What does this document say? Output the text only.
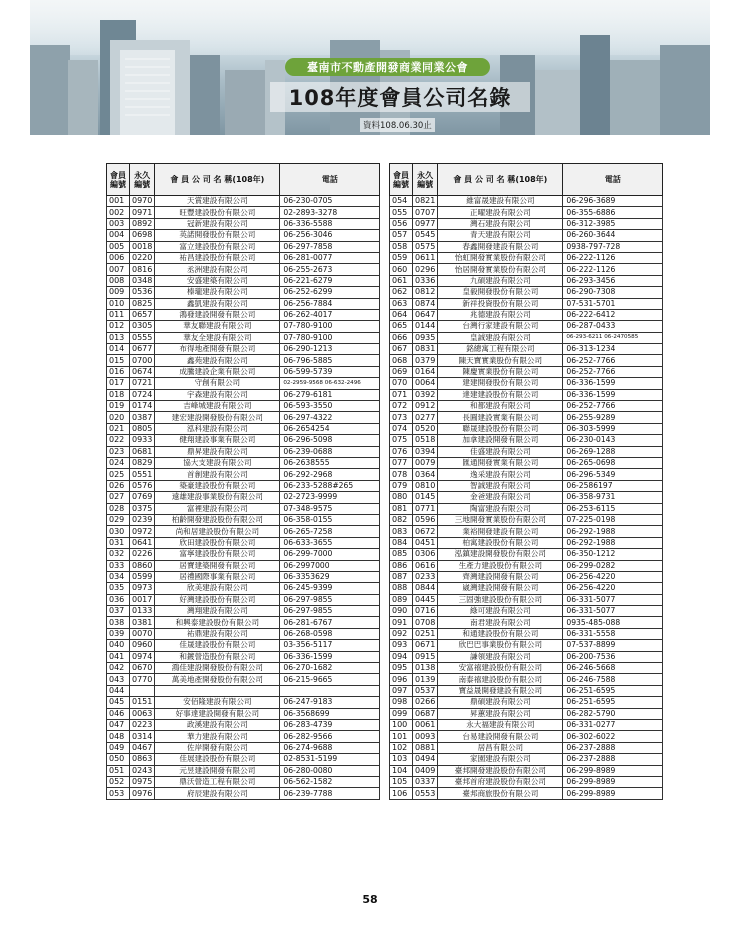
臺南市不動產開發商業同業公會
108年度會員公司名錄
資料108.06.30止
會員
編號	永久
編號	會 員 公 司 名 稱(108年)	電話
001	0970	天賞建設有限公司	06-230-0705
002	0971	旺豐建設股份有限公司	02-2893-3278
003	0892	冠新建設有限公司	06-336-5588
004	0698	英諾開發股份有限公司	06-256-3046
005	0018	富立建設股份有限公司	06-297-7858
006	0220	祐昌建設股份有限公司	06-281-0077
007	0816	丞洲建設有限公司	06-255-2673
008	0348	安盛建築有限公司	06-221-6279
009	0536	榛瓏建設有限公司	06-252-6299
010	0825	鑫凱建設有限公司	06-256-7884
011	0657	鴻發建設開發有限公司	06-262-4017
012	0305	華友聯建設有限公司	07-780-9100
013	0555	華友全建設有限公司	07-780-9100
014	0677	布得地產開發有限公司	06-290-1213
015	0700	鑫苑建設有限公司	06-796-5885
016	0674	成騰建設企業有限公司	06-599-5739
017	0721	守創有限公司	02-2959-9568 06-632-2496
018	0724	宇森建設有限公司	06-279-6181
019	0174	吉峰城建設有限公司	06-593-3550
020	0387	建宏建設開發股份有限公司	06-297-4322
021	0805	泓科建設有限公司	06-2654254
022	0933	健翔建設事業有限公司	06-296-5098
023	0681	鼎昇建設有限公司	06-239-0688
024	0829	協大支建設有限公司	06-2638555
025	0551	首創建設有限公司	06-292-2968
026	0576	築豪建設股份有限公司	06-233-5288#265
027	0769	遠雄建設事業股份有限公司	02-2723-9999
028	0375	富裡建設有限公司	07-348-9575
029	0239	柏齡開發建設股份有限公司	06-358-0155
030	0972	尚和居建設股份有限公司	06-265-7258
031	0641	欣田建設股份有限公司	06-633-3655
032	0226	富寧建設股份有限公司	06-299-7000
033	0860	居寶建築開發有限公司	06-2997000
034	0599	居禮國際事業有限公司	06-3353629
035	0973	欣美建設有限公司	06-245-9399
036	0017	好灣建設股份有限公司	06-297-9855
037	0133	灣翔建設有限公司	06-297-9855
038	0381	和興泰建設股份有限公司	06-281-6767
039	0070	祐鼎建設有限公司	06-268-0598
040	0960	佳晟建設股份有限公司	03-356-5117
041	0974	和鍍營造股份有限公司	06-336-1599
042	0670	鴻佳建設開發股份有限公司	06-270-1682
043	0770	萬美地產開發股份有限公司	06-215-9665
044			
045	0151	安佰隆建設有限公司	06-247-9183
046	0063	好事達建設開發有限公司	06-3568699
047	0223	政溪建設有限公司	06-283-4739
048	0314	華力建設有限公司	06-282-9566
049	0467	佐岸開發有限公司	06-274-9688
050	0863	佳展建設股份有限公司	02-8531-5199
051	0243	元昱建設開發有限公司	06-280-0080
052	0975	鼎沃營造工程有限公司	06-562-1582
053	0976	府辰建設有限公司	06-239-7788
會員
編號	永久
編號	會 員 公 司 名 稱(108年)	電話
054	0821	維富晟建設有限公司	06-296-3689
055	0707	正曜建設有限公司	06-355-6886
056	0977	灣石建設有限公司	06-312-3985
057	0545	青天建設有限公司	06-260-3644
058	0575	春鑫開發建設有限公司	0938-797-728
059	0611	怡虹開發實業股份有限公司	06-222-1126
060	0296	怡居開發實業股份有限公司	06-222-1126
061	0336	九碩建設有限公司	06-293-3456
062	0812	皇毅開發股份有限公司	06-290-7308
063	0874	新祥投資股份有限公司	07-531-5701
064	0647	兆德建設有限公司	06-222-6412
065	0144	台灣行家建設有限公司	06-287-0433
066	0935	皇誠建設有限公司	06-293-6211 06-2470585
067	0831	銘總寓工程有限公司	06-313-1234
068	0379	陳天寶實業股份有限公司	06-252-7766
069	0164	陳慶實業股份有限公司	06-252-7766
070	0064	建建開發股份有限公司	06-336-1599
071	0392	達建建設股份有限公司	06-336-1599
072	0912	和都建設有限公司	06-252-7766
073	0277	長圓建設實業有限公司	06-255-9289
074	0520	聯晟建設股份有限公司	06-303-5999
075	0518	加拿建設開發有限公司	06-230-0143
076	0394	佳盛建設有限公司	06-269-1288
077	0079	匯通開發實業有限公司	06-265-0698
078	0364	逸采建設有限公司	06-296-5349
079	0810	智誠建設有限公司	06-2586197
080	0145	金爸建設有限公司	06-358-9731
081	0771	陶富建設有限公司	06-253-6115
082	0596	三地開發實業股份有限公司	07-225-0198
083	0672	業裕開發建設有限公司	06-292-1988
084	0451	柏寓建設股份有限公司	06-292-1988
085	0306	泓鎮建設開發股份有限公司	06-350-1212
086	0616	生產力建設股份有限公司	06-299-0282
087	0233	齊灣建設開發有限公司	06-256-4220
088	0844	崴灣建設開發有限公司	06-256-4220
089	0445	三固強建設股份有限公司	06-331-5077
090	0716	綠可建設有限公司	06-331-5077
091	0708	南君建設有限公司	0935-485-088
092	0251	和通建設股份有限公司	06-331-5558
093	0671	欣巴巴事業股份有限公司	07-537-8899
094	0915	謙領建設有限公司	06-200-7536
095	0138	安富禧建設股份有限公司	06-246-5668
096	0139	南泰禧建設股份有限公司	06-246-7588
097	0537	寶益晟開發建設有限公司	06-251-6595
098	0266	鼎碩建設有限公司	06-251-6595
099	0687	昇蕙建設有限公司	06-282-5790
100	0061	永大福建設有限公司	06-331-0277
101	0093	台易建設開發有限公司	06-302-6022
102	0881	居昌有限公司	06-237-2888
103	0494	家園建設有限公司	06-237-2888
104	0409	臺邦開發建設股份有限公司	06-299-8989
105	0337	臺邦首府建設股份有限公司	06-299-8989
106	0553	臺邦商旅股份有限公司	06-299-8989
58
